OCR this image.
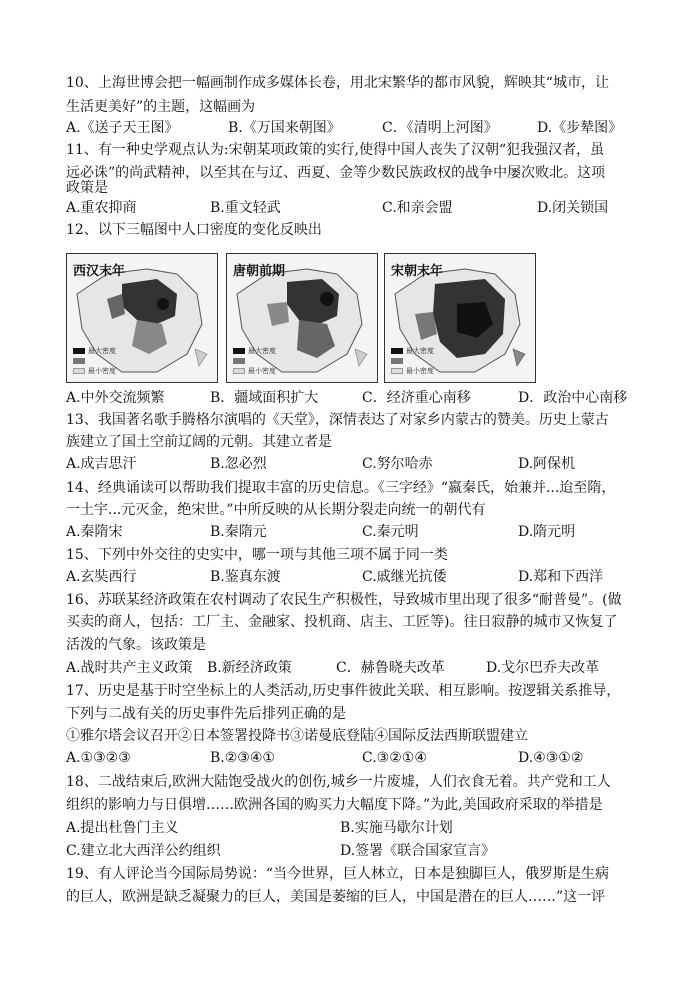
10、上海世博会把一幅画制作成多媒体长卷，用北宋繁华的都市风貌，辉映其“城市，让
生活更美好”的主题，这幅画为
A.《送子天王图》	B.《万国来朝图》	C．《清明上河图》	D.《步辇图》
11、有一种史学观点认为:宋朝某项政策的实行,使得中国人丧失了汉朝“犯我强汉者，虽
远必诛”的尚武精神，以至其在与辽、西夏、金等少数民族政权的战争中屡次败北。这项
政策是
A.重农抑商	B.重文轻武	C.和亲会盟	D.闭关锁国
12、以下三幅图中人口密度的变化反映出
西汉末年
最大密度
最小密度
唐朝前期
最大密度
最小密度
宋朝末年
最大密度
最小密度
A.中外交流频繁	B．疆域面积扩大	C．经济重心南移	D．政治中心南移
13、我国著名歌手腾格尔演唱的《天堂》，深情表达了对家乡内蒙古的赞美。历史上蒙古
族建立了国土空前辽阔的元朝。其建立者是
A.成吉思汗	B.忽必烈	C.努尔哈赤	D.阿保机
14、经典诵读可以帮助我们提取丰富的历史信息。《三字经》“嬴秦氏，始兼并...迨至隋，
一土宇...元灭金，绝宋世。”中所反映的从长期分裂走向统一的朝代有
A.秦隋宋	B.秦隋元	C.秦元明	D.隋元明
15、下列中外交往的史实中，哪一项与其他三项不属于同一类
A.玄奘西行	B.鉴真东渡	C.戚继光抗倭	D.郑和下西洋
16、苏联某经济政策在农村调动了农民生产积极性，导致城市里出现了很多“耐普曼”。(做
买卖的商人，包括：工厂主、金融家、投机商、店主、工匠等)。往日寂静的城市又恢复了
活泼的气象。该政策是
A.战时共产主义政策 B.新经济政策	C．赫鲁晓夫改革	D.戈尔巴乔夫改革
17、历史是基于时空坐标上的人类活动,历史事件彼此关联、相互影响。按逻辑关系推导，
下列与二战有关的历史事件先后排列正确的是
①雅尔塔会议召开②日本签署投降书③诺曼底登陆④国际反法西斯联盟建立
A.①③②③	B.②③④①	C.③②①④	D.④③①②
18、二战结束后,欧洲大陆饱受战火的创伤,城乡一片废墟，人们衣食无着。共产党和工人
组织的影响力与日俱增……欧洲各国的购买力大幅度下降。”为此,美国政府采取的举措是
A.提出杜鲁门主义	B.实施马歇尔计划
C.建立北大西洋公约组织	D.签署《联合国家宣言》
19、有人评论当今国际局势说：“当今世界，巨人林立，日本是独脚巨人，俄罗斯是生病
的巨人，欧洲是缺乏凝聚力的巨人，美国是萎缩的巨人，中国是潜在的巨人……”这一评
